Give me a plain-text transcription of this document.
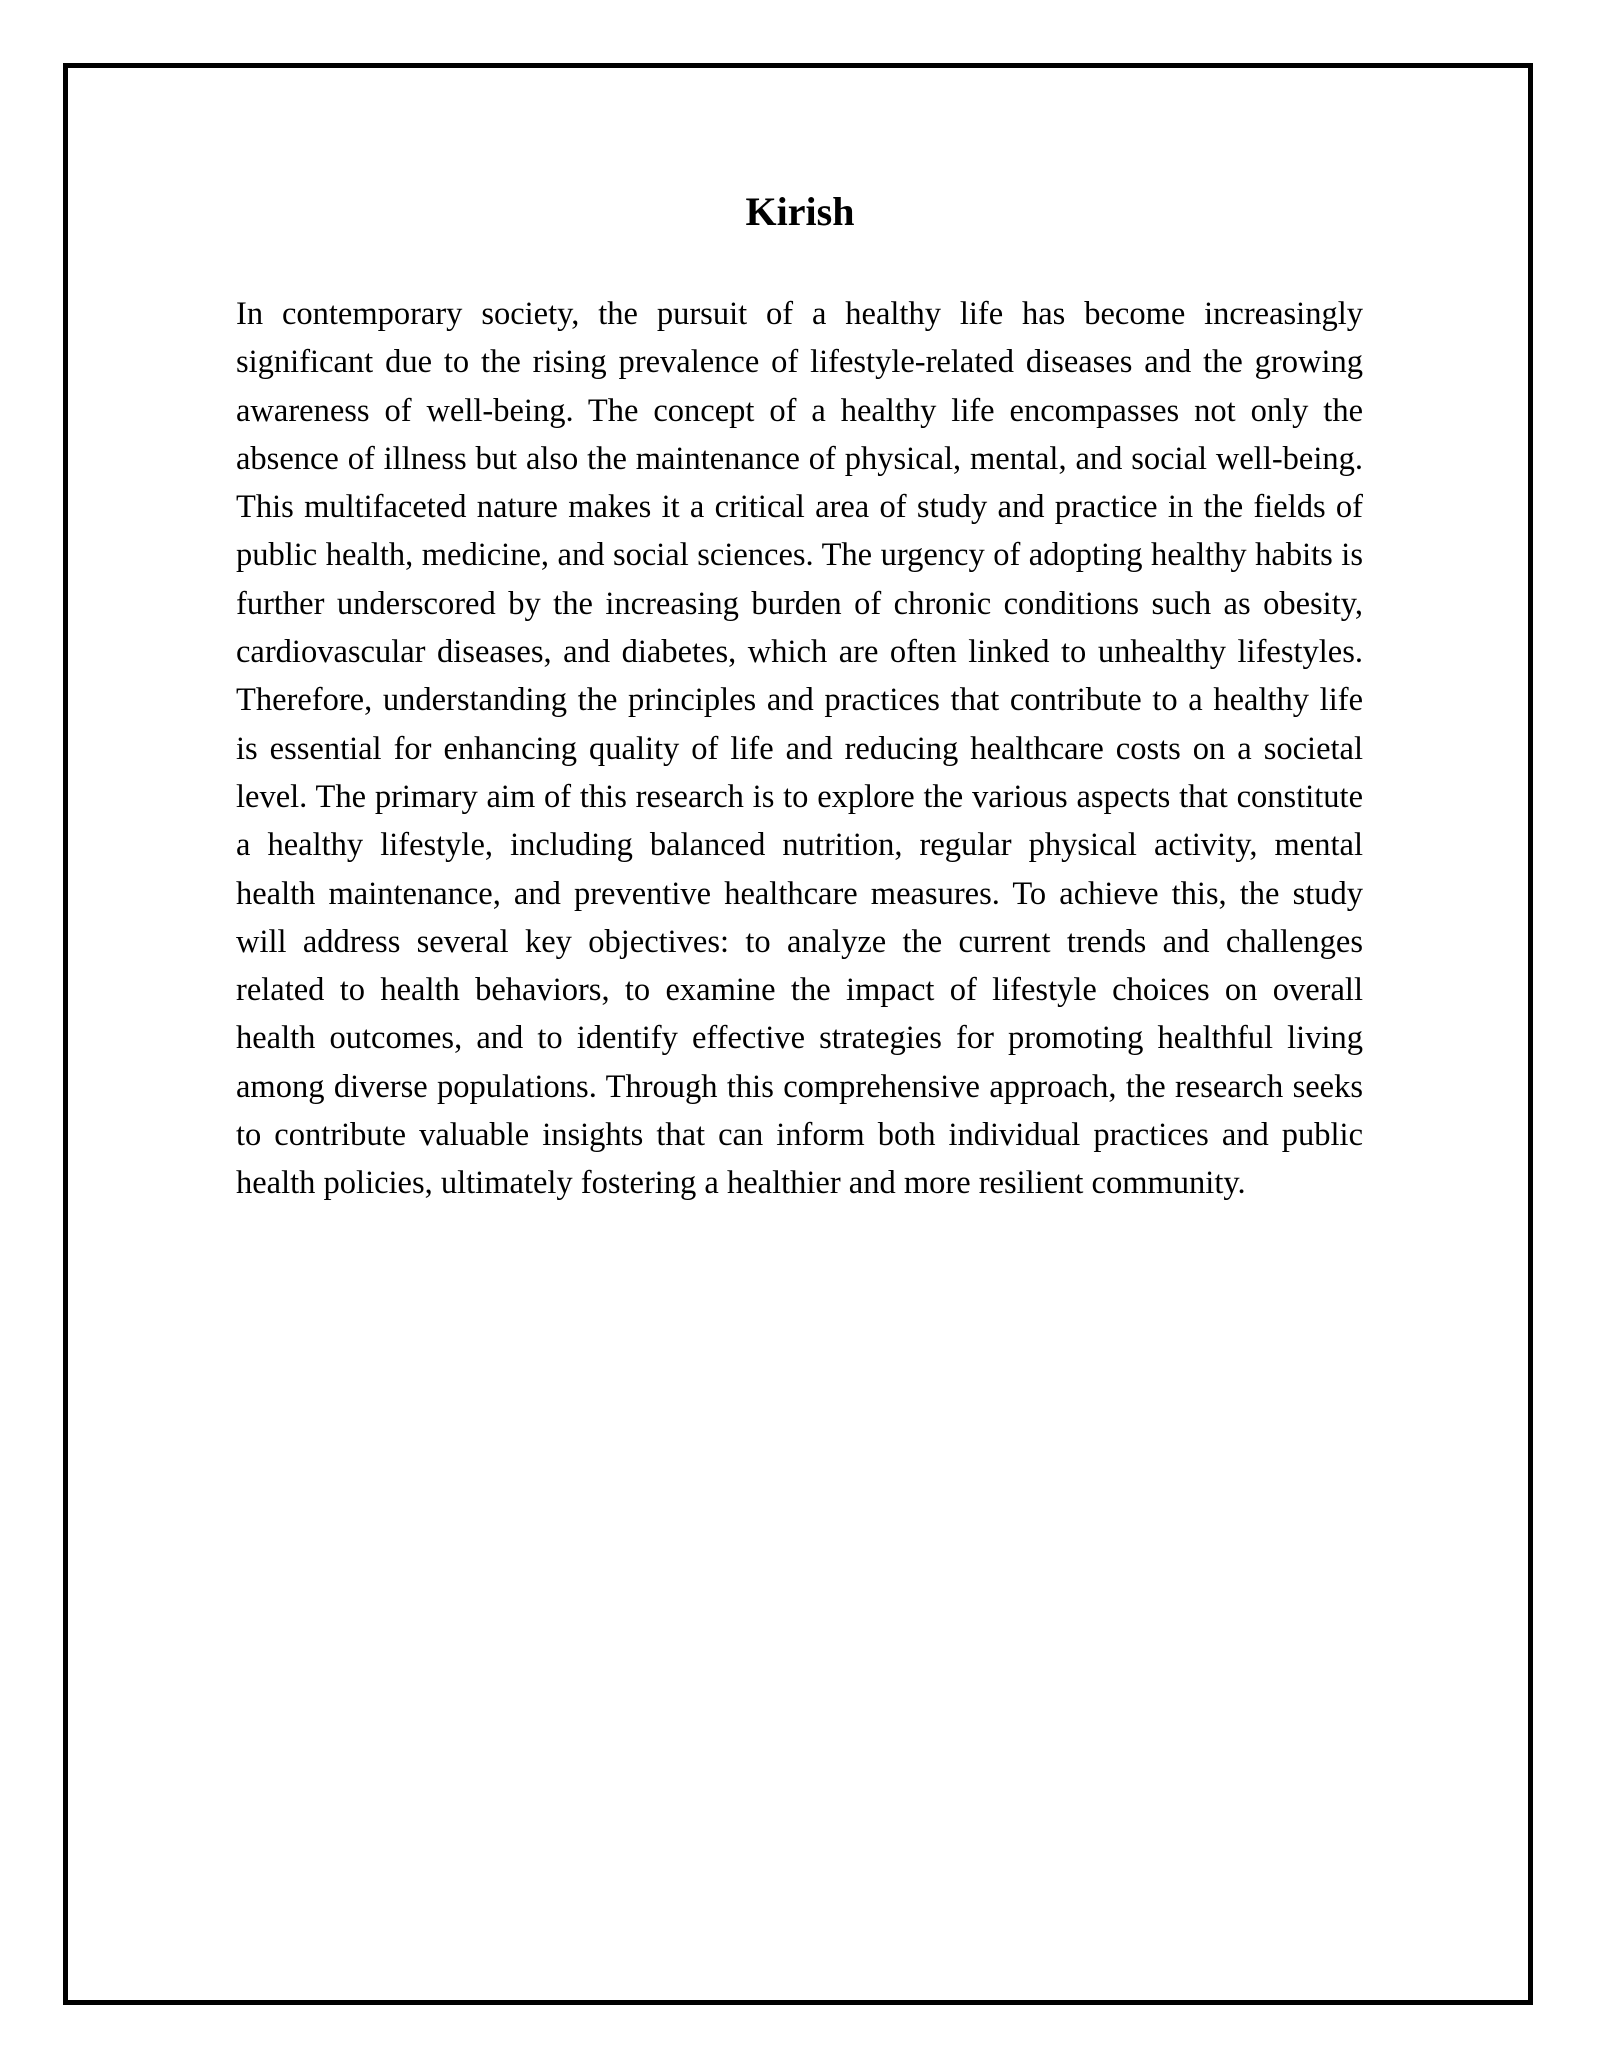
Kirish

In contemporary society, the pursuit of a healthy life has become increasingly significant due to the rising prevalence of lifestyle-related diseases and the growing awareness of well-being. The concept of a healthy life encompasses not only the absence of illness but also the maintenance of physical, mental, and social well-being. This multifaceted nature makes it a critical area of study and practice in the fields of public health, medicine, and social sciences. The urgency of adopting healthy habits is further underscored by the increasing burden of chronic conditions such as obesity, cardiovascular diseases, and diabetes, which are often linked to unhealthy lifestyles. Therefore, understanding the principles and practices that contribute to a healthy life is essential for enhancing quality of life and reducing healthcare costs on a societal level. The primary aim of this research is to explore the various aspects that constitute a healthy lifestyle, including balanced nutrition, regular physical activity, mental health maintenance, and preventive healthcare measures. To achieve this, the study will address several key objectives: to analyze the current trends and challenges related to health behaviors, to examine the impact of lifestyle choices on overall health outcomes, and to identify effective strategies for promoting healthful living among diverse populations. Through this comprehensive approach, the research seeks to contribute valuable insights that can inform both individual practices and public health policies, ultimately fostering a healthier and more resilient community.
